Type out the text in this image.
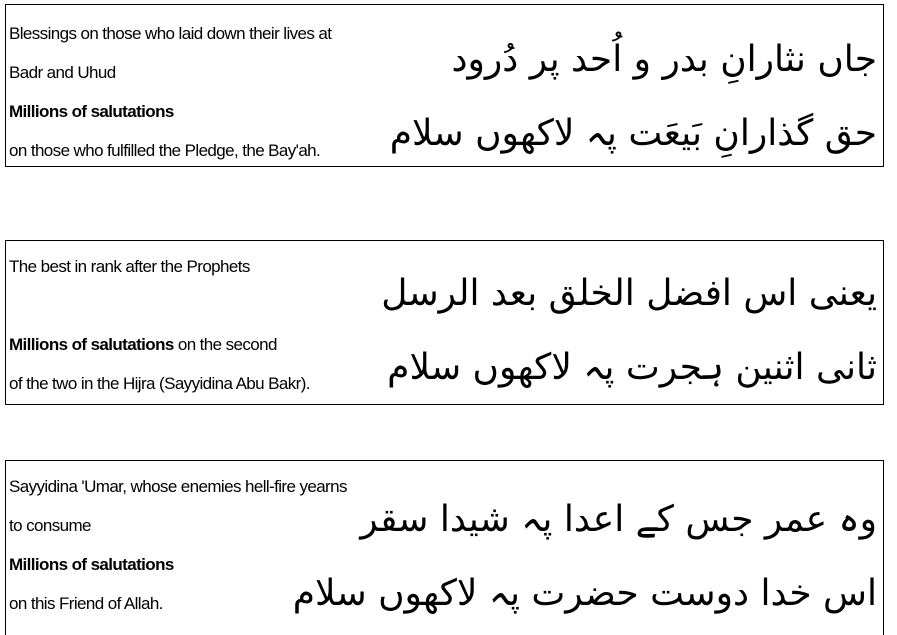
Blessings on those who laid down their lives at
Badr and Uhud
Millions of salutations
on those who fulfilled the Pledge, the Bay'ah.
جاں نثارانِ بدر و اُحد پر دُرود
حق گذارانِ بَیعَت پہ لاکھوں سلام
The best in rank after the Prophets
Millions of salutations on the second
of the two in the Hijra (Sayyidina Abu Bakr).
یعنی اس افضل الخلق بعد الرسل
ثانی اثنین ہجرت پہ لاکھوں سلام
Sayyidina 'Umar, whose enemies hell-fire yearns
to consume
Millions of salutations
on this Friend of Allah.
وہ عمر جس کے اعدا پہ شیدا سقر
اس خدا دوست حضرت پہ لاکھوں سلام
